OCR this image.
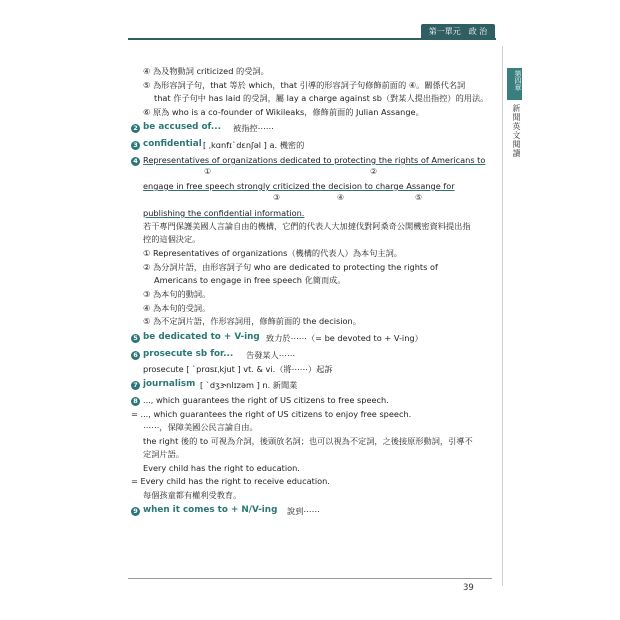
第一單元　政 治
第四章
新聞英文閱讀
④ 為及物動詞 criticized 的受詞。
⑤ 為形容詞子句，that 等於 which，that 引導的形容詞子句修飾前面的 ④。關係代名詞
that 作子句中 has laid 的受詞，屬 lay a charge against sb（對某人提出指控）的用法。
⑥ 原為 who is a co-founder of Wikileaks，修飾前面的 Julian Assange。
2 be accused of... 被指控⋯⋯
3 confidential [ ˌkɑnfɪˋdɛnʃəl ] a. 機密的
4 Representatives of organizations dedicated to protecting the rights of Americans to
①	②
engage in free speech strongly criticized the decision to charge Assange for
③	④	⑤
publishing the confidential information.
若干專門保護美國人言論自由的機構，它們的代表人大加撻伐對阿桑奇公開機密資料提出指
控的這個決定。
① Representatives of organizations（機構的代表人）為本句主詞。
② 為分詞片語，由形容詞子句 who are dedicated to protecting the rights of
Americans to engage in free speech 化簡而成。
③ 為本句的動詞。
④ 為本句的受詞。
⑤ 為不定詞片語，作形容詞用，修飾前面的 the decision。
5 be dedicated to + V-ing 致力於⋯⋯（= be devoted to + V-ing）
6 prosecute sb for... 告發某人⋯⋯
prosecute [ ˋprɑsɪˌkjut ] vt. & vi.（將⋯⋯）起訴
7 journalism [ ˋdʒɝnlɪzəm ] n. 新聞業
8 ..., which guarantees the right of US citizens to free speech.
= ..., which guarantees the right of US citizens to enjoy free speech.
⋯⋯，保障美國公民言論自由。
the right 後的 to 可視為介詞，後頭放名詞；也可以視為不定詞，之後接原形動詞，引導不
定詞片語。
Every child has the right to education.
= Every child has the right to receive education.
每個孩童都有權利受教育。
9 when it comes to + N/V-ing 說到⋯⋯
39
